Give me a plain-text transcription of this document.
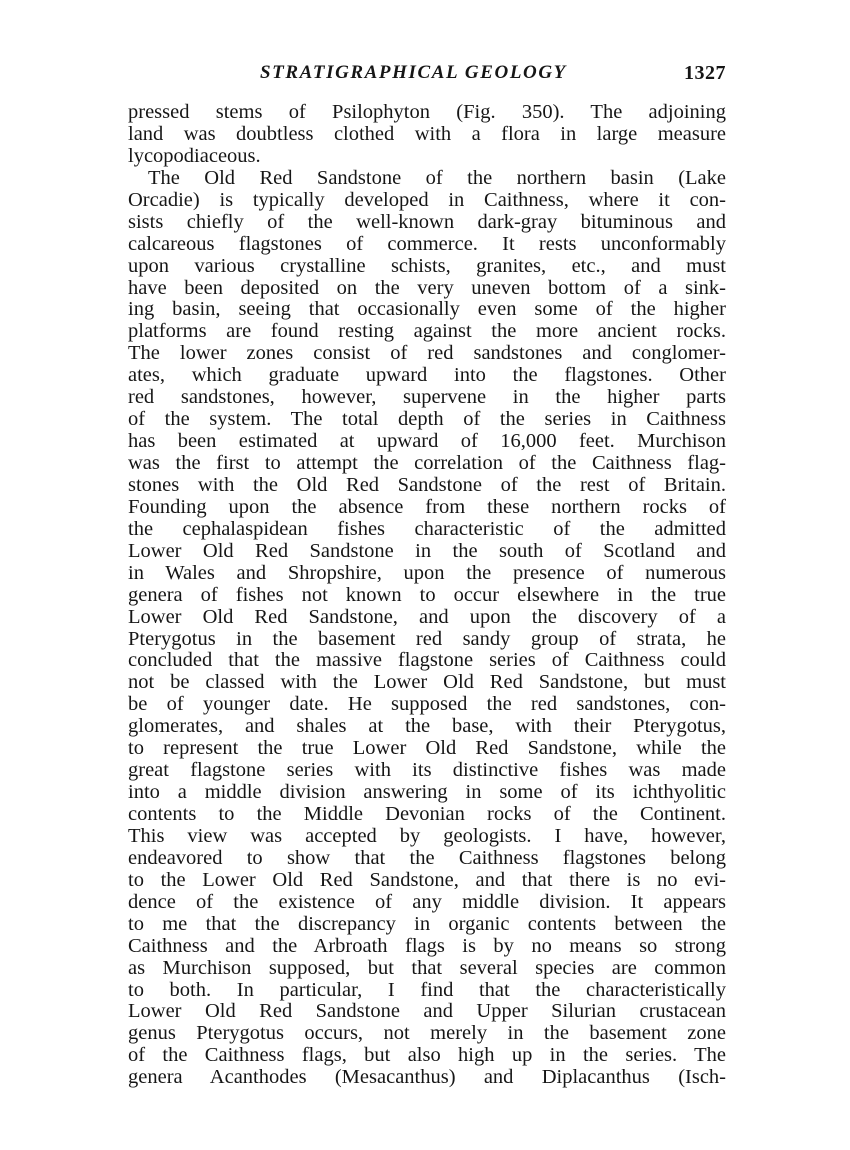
STRATIGRAPHICAL GEOLOGY	1327
pressed stems of Psilophyton (Fig. 350). The adjoining
land was doubtless clothed with a flora in large measure
lycopodiaceous.
The Old Red Sandstone of the northern basin (Lake
Orcadie) is typically developed in Caithness, where it con-
sists chiefly of the well-known dark-gray bituminous and
calcareous flagstones of commerce. It rests unconformably
upon various crystalline schists, granites, etc., and must
have been deposited on the very uneven bottom of a sink-
ing basin, seeing that occasionally even some of the higher
platforms are found resting against the more ancient rocks.
The lower zones consist of red sandstones and conglomer-
ates, which graduate upward into the flagstones. Other
red sandstones, however, supervene in the higher parts
of the system. The total depth of the series in Caithness
has been estimated at upward of 16,000 feet. Murchison
was the first to attempt the correlation of the Caithness flag-
stones with the Old Red Sandstone of the rest of Britain.
Founding upon the absence from these northern rocks of
the cephalaspidean fishes characteristic of the admitted
Lower Old Red Sandstone in the south of Scotland and
in Wales and Shropshire, upon the presence of numerous
genera of fishes not known to occur elsewhere in the true
Lower Old Red Sandstone, and upon the discovery of a
Pterygotus in the basement red sandy group of strata, he
concluded that the massive flagstone series of Caithness could
not be classed with the Lower Old Red Sandstone, but must
be of younger date. He supposed the red sandstones, con-
glomerates, and shales at the base, with their Pterygotus,
to represent the true Lower Old Red Sandstone, while the
great flagstone series with its distinctive fishes was made
into a middle division answering in some of its ichthyolitic
contents to the Middle Devonian rocks of the Continent.
This view was accepted by geologists. I have, however,
endeavored to show that the Caithness flagstones belong
to the Lower Old Red Sandstone, and that there is no evi-
dence of the existence of any middle division. It appears
to me that the discrepancy in organic contents between the
Caithness and the Arbroath flags is by no means so strong
as Murchison supposed, but that several species are common
to both. In particular, I find that the characteristically
Lower Old Red Sandstone and Upper Silurian crustacean
genus Pterygotus occurs, not merely in the basement zone
of the Caithness flags, but also high up in the series. The
genera Acanthodes (Mesacanthus) and Diplacanthus (Isch-
